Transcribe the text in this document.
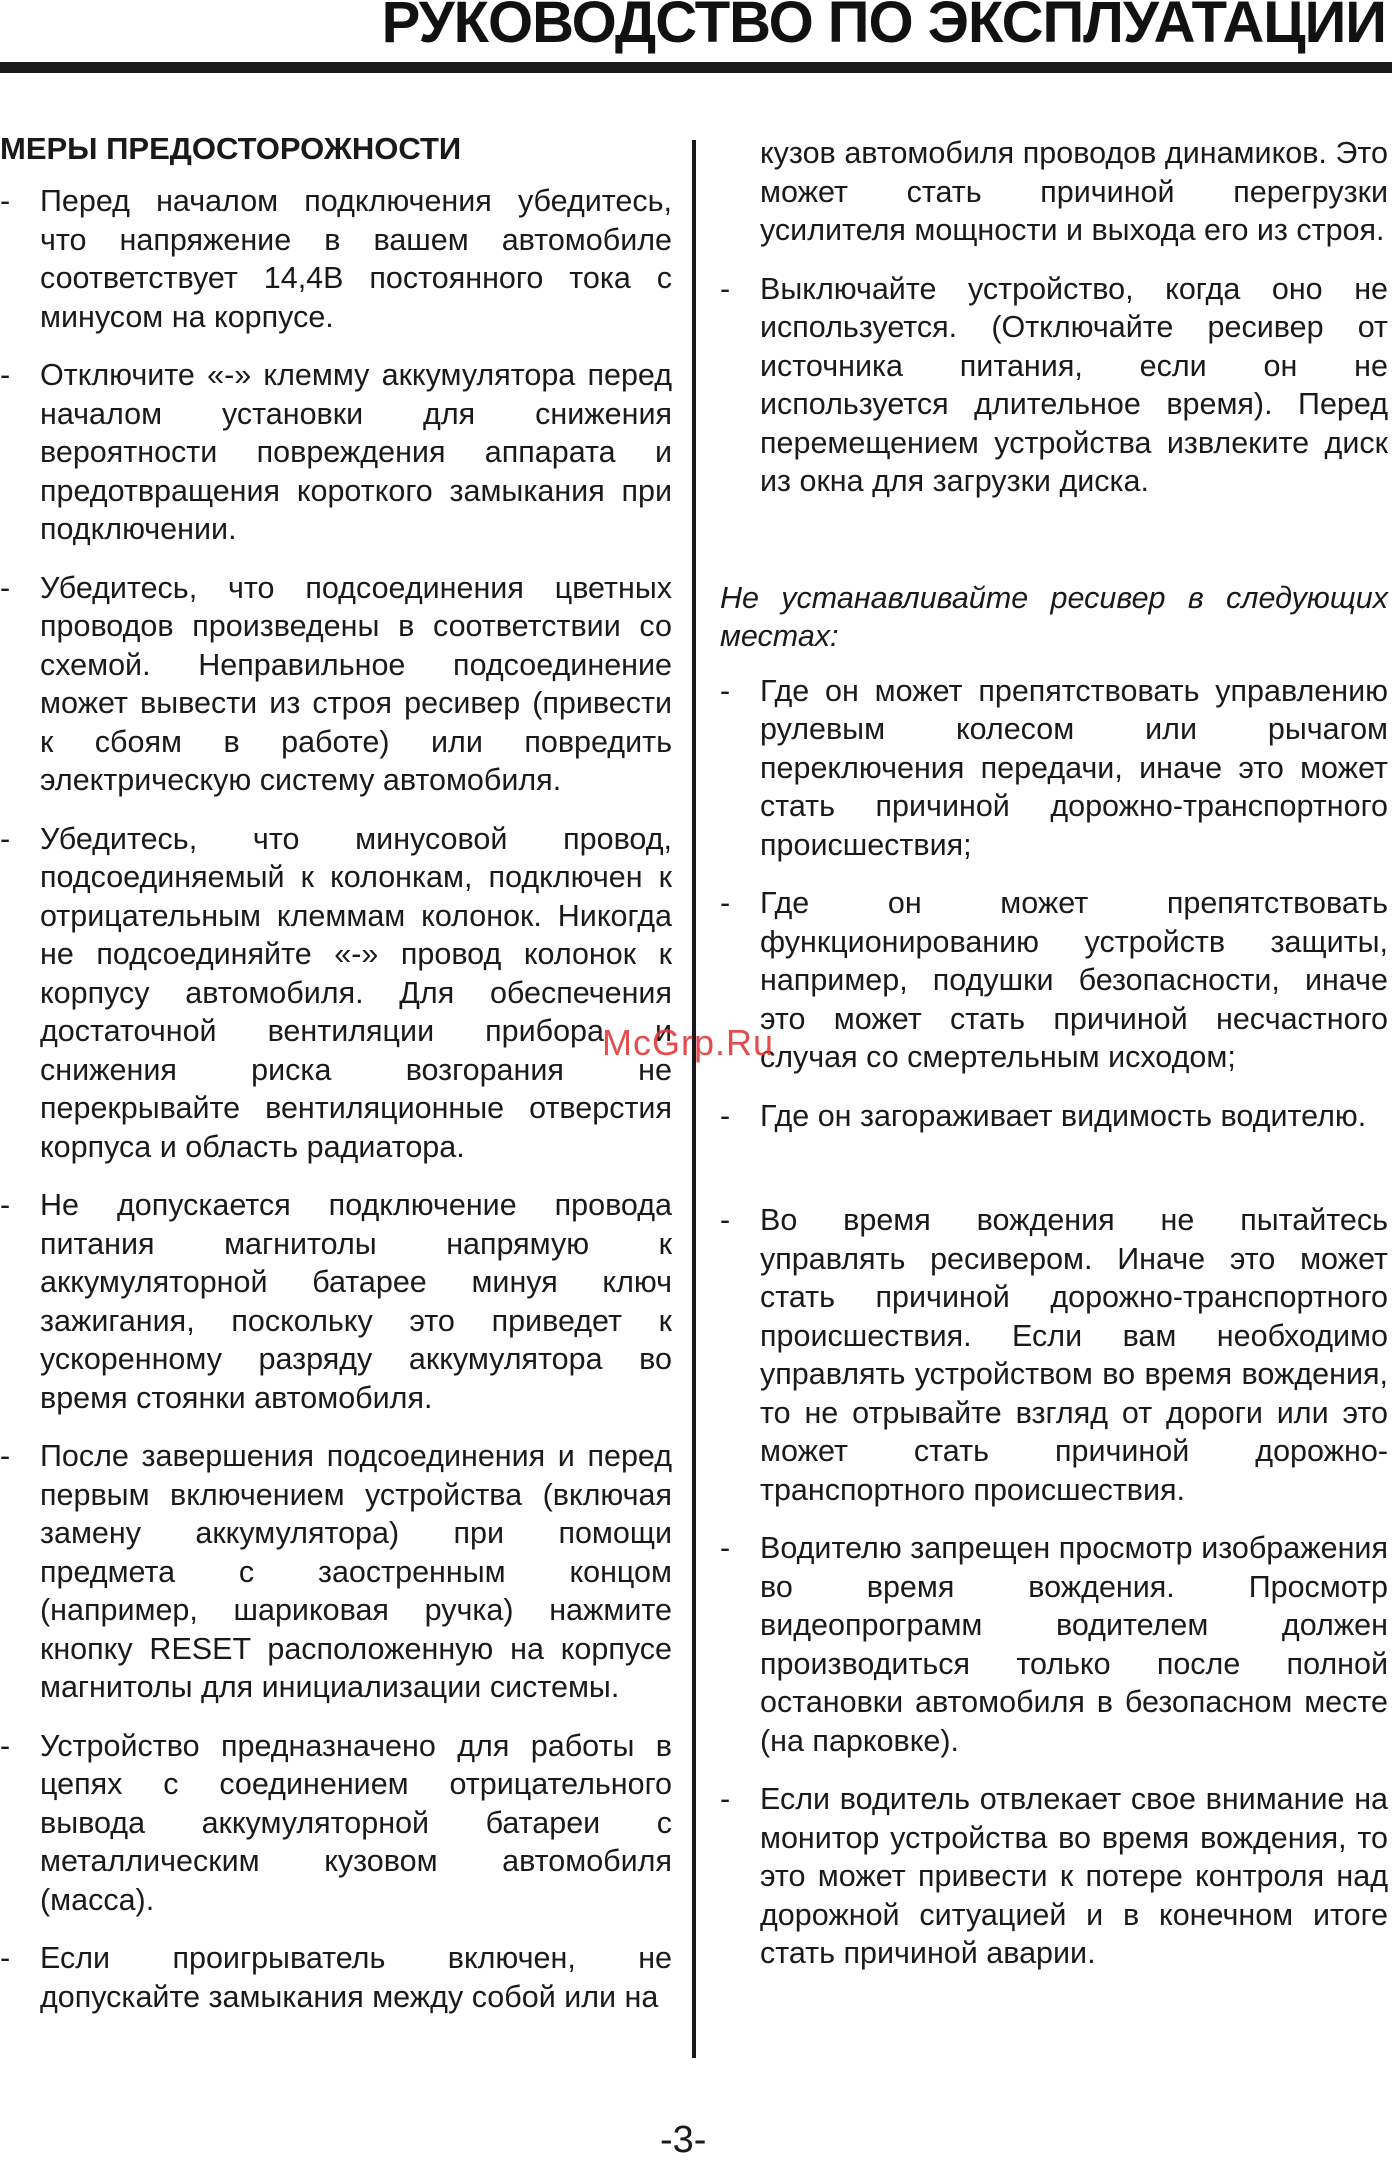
РУКОВОДСТВО ПО ЭКСПЛУАТАЦИИ
МЕРЫ ПРЕДОСТОРОЖНОСТИ
- Перед началом подключения убедитесь, что напряжение в вашем автомобиле соответствует 14,4В постоянного тока с минусом на корпусе.
- Отключите «-» клемму аккумулятора перед началом установки для снижения вероятности повреждения аппарата и предотвращения короткого замыкания при подключении.
- Убедитесь, что подсоединения цветных проводов произведены в соответствии со схемой. Неправильное подсоединение может вывести из строя ресивер (привести к сбоям в работе) или повредить электрическую систему автомобиля.
- Убедитесь, что минусовой провод, подсоединяемый к колонкам, подключен к отрицательным клеммам колонок. Никогда не подсоединяйте «-» провод колонок к корпусу автомобиля. Для обеспечения достаточной вентиляции прибора и снижения риска возгорания не перекрывайте вентиляционные отверстия корпуса и область радиатора.
- Не допускается подключение провода питания магнитолы напрямую к аккумуляторной батарее минуя ключ зажигания, поскольку это приведет к ускоренному разряду аккумулятора во время стоянки автомобиля.
- После завершения подсоединения и перед первым включением устройства (включая замену аккумулятора) при помощи предмета с заостренным концом (например, шариковая ручка) нажмите кнопку RESET расположенную на корпусе магнитолы для инициализации системы.
- Устройство предназначено для работы в цепях с соединением отрицательного вывода аккумуляторной батареи с металлическим кузовом автомобиля (масса).
- Если проигрыватель включен, не допускайте замыкания между собой или на
кузов автомобиля проводов динамиков. Это может стать причиной перегрузки усилителя мощности и выхода его из строя.
- Выключайте устройство, когда оно не используется. (Отключайте ресивер от источника питания, если он не используется длительное время). Перед перемещением устройства извлеките диск из окна для загрузки диска.
Не устанавливайте ресивер в следующих местах:
- Где он может препятствовать управлению рулевым колесом или рычагом переключения передачи, иначе это может стать причиной дорожно-транспортного происшествия;
- Где он может препятствовать функционированию устройств защиты, например, подушки безопасности, иначе это может стать причиной несчастного случая со смертельным исходом;
- Где он загораживает видимость водителю.
- Во время вождения не пытайтесь управлять ресивером. Иначе это может стать причиной дорожно-транспортного происшествия. Если вам необходимо управлять устройством во время вождения, то не отрывайте взгляд от дороги или это может стать причиной дорожно-транспортного происшествия.
- Водителю запрещен просмотр изображения во время вождения. Просмотр видеопрограмм водителем должен производиться только после полной остановки автомобиля в безопасном месте (на парковке).
- Если водитель отвлекает свое внимание на монитор устройства во время вождения, то это может привести к потере контроля над дорожной ситуацией и в конечном итоге стать причиной аварии.
McGrp.Ru
-3-
